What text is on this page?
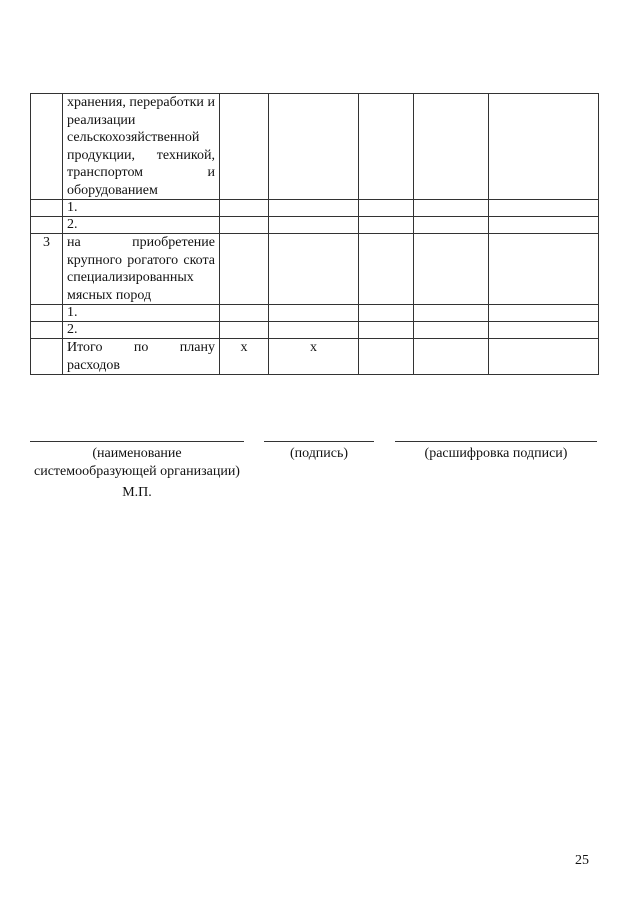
	хранения, переработки и реализации сельскохозяйственной продукции, техникой, транспортом и оборудованием					
	1.					
	2.					
3	на приобретение крупного рогатого скота специализированных мясных пород					
	1.					
	2.					
	Итого по плану расходов	х	х			
(наименование системообразующей организации)
М.П.
(подпись)	(расшифровка подписи)
25
